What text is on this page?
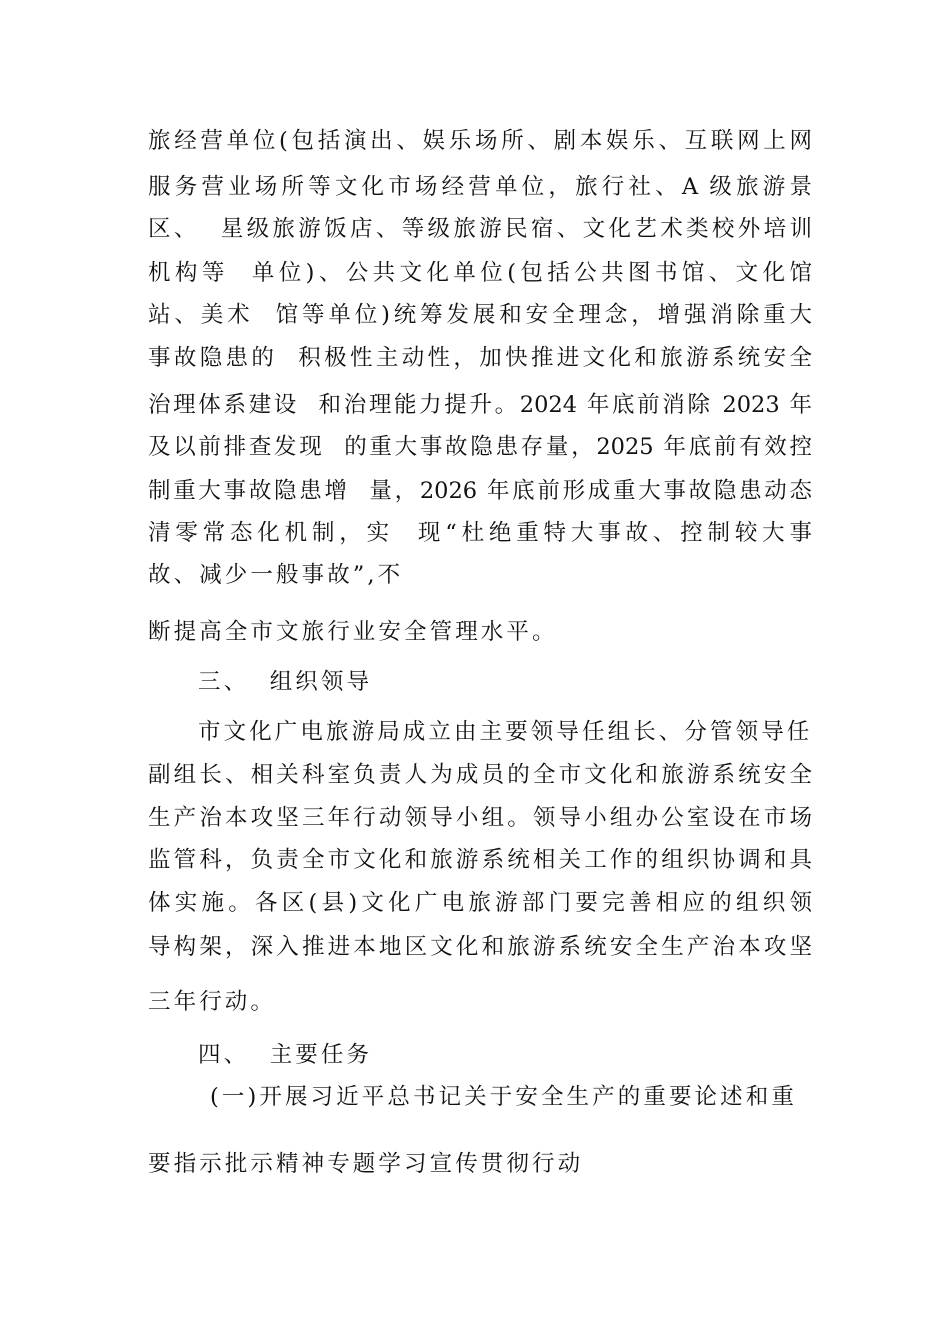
旅经营单位(包括演出、娱乐场所、剧本娱乐、互联网上网
服务营业场所等文化市场经营单位，旅行社、A 级旅游景
区、  星级旅游饭店、等级旅游民宿、文化艺术类校外培训
机构等  单位)、公共文化单位(包括公共图书馆、文化馆
站、美术  馆等单位)统筹发展和安全理念，增强消除重大
事故隐患的  积极性主动性，加快推进文化和旅游系统安全
治理体系建设  和治理能力提升。2024 年底前消除 2023 年
及以前排查发现  的重大事故隐患存量，2025 年底前有效控
制重大事故隐患增  量，2026 年底前形成重大事故隐患动态
清零常态化机制，实  现“杜绝重特大事故、控制较大事
故、减少一般事故”,不
断提高全市文旅行业安全管理水平。
三、  组织领导
市文化广电旅游局成立由主要领导任组长、分管领导任
副组长、相关科室负责人为成员的全市文化和旅游系统安全
生产治本攻坚三年行动领导小组。领导小组办公室设在市场
监管科，负责全市文化和旅游系统相关工作的组织协调和具
体实施。各区(县)文化广电旅游部门要完善相应的组织领
导构架，深入推进本地区文化和旅游系统安全生产治本攻坚
三年行动。
四、  主要任务
(一)开展习近平总书记关于安全生产的重要论述和重
要指示批示精神专题学习宣传贯彻行动
